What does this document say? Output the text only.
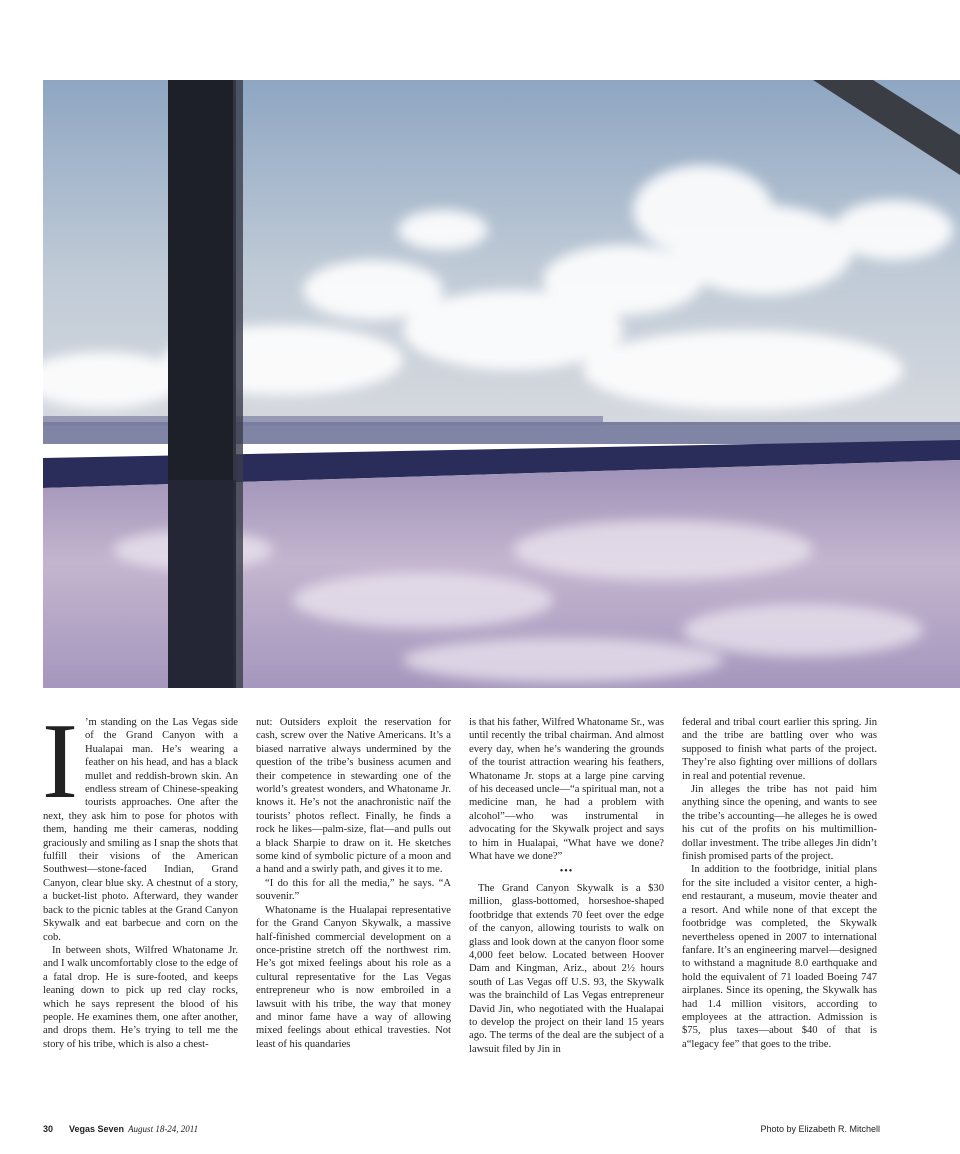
I ’m standing on the Las Vegas side of the Grand Canyon with a Hualapai man. He’s wearing a feather on his head, and has a black mullet and reddish-brown skin. An endless stream of Chinese-speaking tourists approaches. One after the next, they ask him to pose for photos with them, handing me their cameras, nodding graciously and smiling as I snap the shots that fulfill their visions of the American Southwest—stone-faced Indian, Grand Canyon, clear blue sky. A chestnut of a story, a bucket-list photo. Afterward, they wander back to the picnic tables at the Grand Canyon Skywalk and eat barbecue and corn on the cob.

In between shots, Wilfred Whatoname Jr. and I walk uncomfortably close to the edge of a fatal drop. He is sure-footed, and keeps leaning down to pick up red clay rocks, which he says represent the blood of his people. He examines them, one after another, and drops them. He’s trying to tell me the story of his tribe, which is also a chest-

nut: Outsiders exploit the reservation for cash, screw over the Native Americans. It’s a biased narrative always undermined by the question of the tribe’s business acumen and their competence in stewarding one of the world’s greatest wonders, and Whatoname Jr. knows it. He’s not the anachronistic naïf the tourists’ photos reflect. Finally, he finds a rock he likes—palm-size, flat—and pulls out a black Sharpie to draw on it. He sketches some kind of symbolic picture of a moon and a hand and a swirly path, and gives it to me.

“I do this for all the media,” he says. “A souvenir.”

Whatoname is the Hualapai representative for the Grand Canyon Skywalk, a massive half-finished commercial development on a once-pristine stretch off the northwest rim. He’s got mixed feelings about his role as a cultural representative for the Las Vegas entrepreneur who is now embroiled in a lawsuit with his tribe, the way that money and minor fame have a way of allowing mixed feelings about ethical travesties. Not least of his quandaries

is that his father, Wilfred Whatoname Sr., was until recently the tribal chairman. And almost every day, when he’s wandering the grounds of the tourist attraction wearing his feathers, Whatoname Jr. stops at a large pine carving of his deceased uncle—“a spiritual man, not a medicine man, he had a problem with alcohol”—who was instrumental in advocating for the Skywalk project and says to him in Hualapai, “What have we done? What have we done?”

•••

The Grand Canyon Skywalk is a $30 million, glass-bottomed, horseshoe-shaped footbridge that extends 70 feet over the edge of the canyon, allowing tourists to walk on glass and look down at the canyon floor some 4,000 feet below. Located between Hoover Dam and Kingman, Ariz., about 2½ hours south of Las Vegas off U.S. 93, the Skywalk was the brainchild of Las Vegas entrepreneur David Jin, who negotiated with the Hualapai to develop the project on their land 15 years ago. The terms of the deal are the subject of a lawsuit filed by Jin in

federal and tribal court earlier this spring. Jin and the tribe are battling over who was supposed to finish what parts of the project. They’re also fighting over millions of dollars in real and potential revenue.

Jin alleges the tribe has not paid him anything since the opening, and wants to see the tribe’s accounting—he alleges he is owed his cut of the profits on his multimillion-dollar investment. The tribe alleges Jin didn’t finish promised parts of the project.

In addition to the footbridge, initial plans for the site included a visitor center, a high-end restaurant, a museum, movie theater and a resort. And while none of that except the footbridge was completed, the Skywalk nevertheless opened in 2007 to international fanfare. It’s an engineering marvel—designed to withstand a magnitude 8.0 earthquake and hold the equivalent of 71 loaded Boeing 747 airplanes. Since its opening, the Skywalk has had 1.4 million visitors, according to employees at the attraction. Admission is $75, plus taxes—about $40 of that is a“legacy fee” that goes to the tribe.

30 Vegas Seven August 18-24, 2011	Photo by Elizabeth R. Mitchell
